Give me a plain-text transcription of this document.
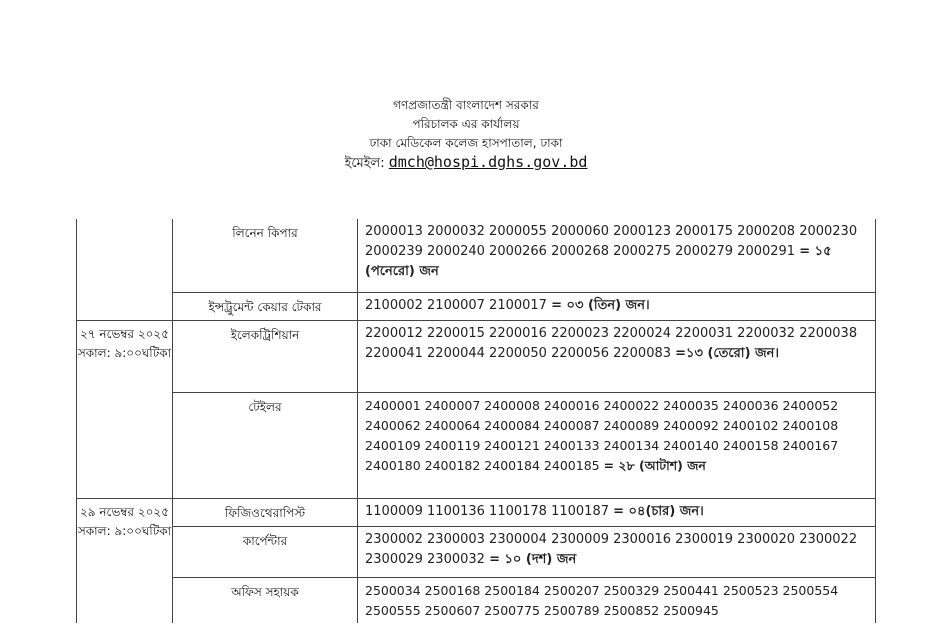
গণপ্রজাতন্ত্রী বাংলাদেশ সরকার
পরিচালক এর কার্যালয়
ঢাকা মেডিকেল কলেজ হাসপাতাল, ঢাকা
ইমেইল: dmch@hospi.dghs.gov.bd
	লিনেন কিপার	2000013 2000032 2000055 2000060 2000123 2000175 2000208 2000230 2000239 2000240 2000266 2000268 2000275 2000279 2000291 = ১৫ (পনেরো) জন
	ইন্সট্রুমেন্ট কেয়ার টেকার	2100002 2100007 2100017 = ০৩ (তিন) জন।
২৭ নভেম্বর ২০২৫ সকাল: ৯:০০ঘটিকা	ইলেকট্রিশিয়ান	2200012 2200015 2200016 2200023 2200024 2200031 2200032 2200038 2200041 2200044 2200050 2200056 2200083 =১৩ (তেরো) জন।
	টেইলর	2400001 2400007 2400008 2400016 2400022 2400035 2400036 2400052 2400062 2400064 2400084 2400087 2400089 2400092 2400102 2400108 2400109 2400119 2400121 2400133 2400134 2400140 2400158 2400167 2400180 2400182 2400184 2400185 = ২৮ (আটাশ) জন
২৯ নভেম্বর ২০২৫ সকাল: ৯:০০ঘটিকা	ফিজিওথেরাপিস্ট	1100009 1100136 1100178 1100187 = ০৪(চার) জন।
	কার্পেন্টার	2300002 2300003 2300004 2300009 2300016 2300019 2300020 2300022 2300029 2300032 = ১০ (দশ) জন
	অফিস সহায়ক	2500034 2500168 2500184 2500207 2500329 2500441 2500523 2500554 2500555 2500607 2500775 2500789 2500852 2500945
